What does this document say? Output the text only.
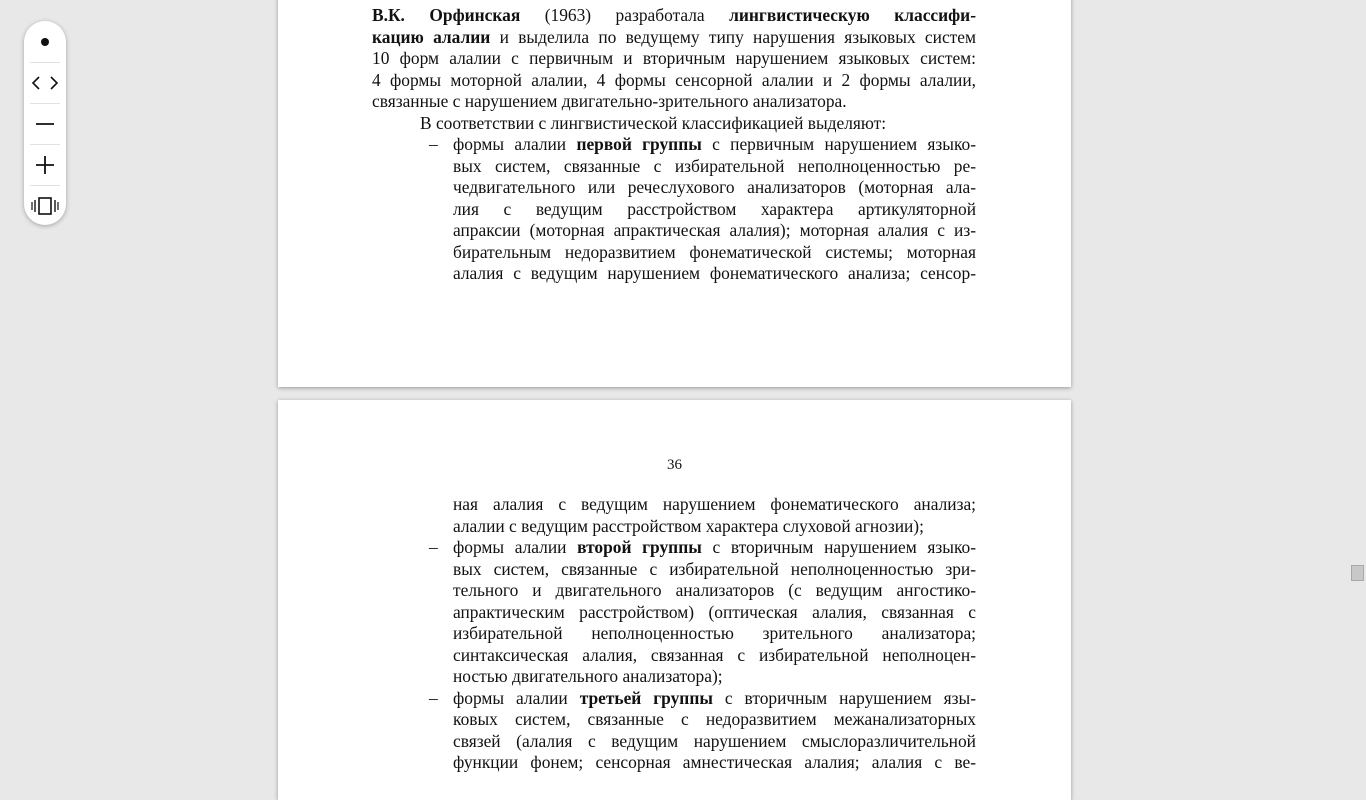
В.К. Орфинская (1963) разработала лингвистическую классифи-
кацию алалии и выделила по ведущему типу нарушения языковых систем
10 форм алалии с первичным и вторичным нарушением языковых систем:
4 формы моторной алалии, 4 формы сенсорной алалии и 2 формы алалии,
связанные с нарушением двигательно-зрительного анализатора.
В соответствии с лингвистической классификацией выделяют:
– формы алалии первой группы с первичным нарушением языко-
вых систем, связанные с избирательной неполноценностью ре-
чедвигательного или речеслухового анализаторов (моторная ала-
лия с ведущим расстройством характера артикуляторной
апраксии (моторная апрактическая алалия); моторная алалия с из-
бирательным недоразвитием фонематической системы; моторная
алалия с ведущим нарушением фонематического анализа; сенсор-
36
ная алалия с ведущим нарушением фонематического анализа;
алалии с ведущим расстройством характера слуховой агнозии);
– формы алалии второй группы с вторичным нарушением языко-
вых систем, связанные с избирательной неполноценностью зри-
тельного и двигательного анализаторов (с ведущим ангостико-
апрактическим расстройством) (оптическая алалия, связанная с
избирательной неполноценностью зрительного анализатора;
синтаксическая алалия, связанная с избирательной неполноцен-
ностью двигательного анализатора);
– формы алалии третьей группы с вторичным нарушением язы-
ковых систем, связанные с недоразвитием межанализаторных
связей (алалия с ведущим нарушением смыслоразличительной
функции фонем; сенсорная амнестическая алалия; алалия с ве-
